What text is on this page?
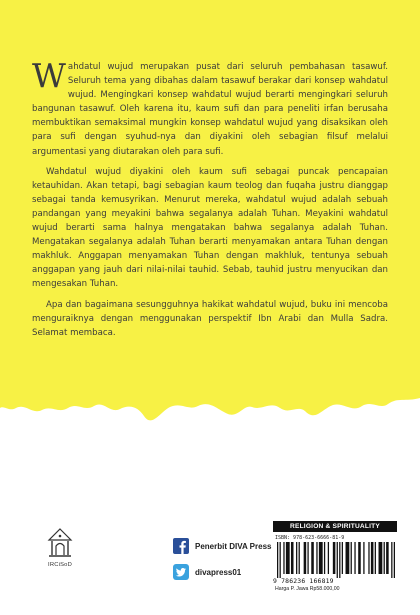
Wahdatul wujud merupakan pusat dari seluruh pembahasan tasawuf. Seluruh tema yang dibahas dalam tasawuf berakar dari konsep wahdatul wujud. Mengingkari konsep wahdatul wujud berarti mengingkari seluruh bangunan tasawuf. Oleh karena itu, kaum sufi dan para peneliti irfan berusaha membuktikan semaksimal mungkin konsep wahdatul wujud yang disaksikan oleh para sufi dengan syuhud-nya dan diyakini oleh sebagian filsuf melalui argumentasi yang diutarakan oleh para sufi.

Wahdatul wujud diyakini oleh kaum sufi sebagai puncak pencapaian ketauhidan. Akan tetapi, bagi sebagian kaum teolog dan fuqaha justru dianggap sebagai tanda kemusyrikan. Menurut mereka, wahdatul wujud adalah sebuah pandangan yang meyakini bahwa segalanya adalah Tuhan. Meyakini wahdatul wujud berarti sama halnya mengatakan bahwa segalanya adalah Tuhan. Mengatakan segalanya adalah Tuhan berarti menyamakan antara Tuhan dengan makhluk. Anggapan menyamakan Tuhan dengan makhluk, tentunya sebuah anggapan yang jauh dari nilai-nilai tauhid. Sebab, tauhid justru menyucikan dan mengesakan Tuhan.

Apa dan bagaimana sesungguhnya hakikat wahdatul wujud, buku ini mencoba menguraiknya dengan menggunakan perspektif Ibn Arabi dan Mulla Sadra. Selamat membaca.

IRCiSoD
Penerbit DIVA Press
divapress01
RELIGION & SPIRITUALITY
ISBN: 978-623-6666-81-9
9 786236 166819
Harga P. Jawa Rp58.000,00
